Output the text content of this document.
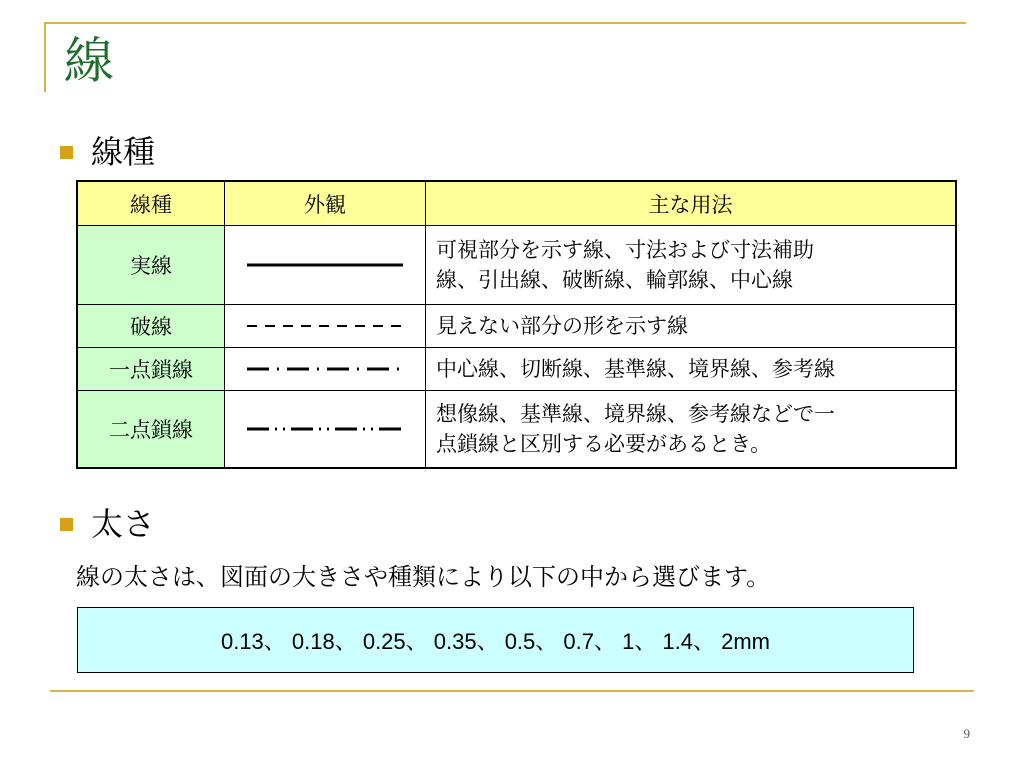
線
線種
線種	外観	主な用法
実線		可視部分を示す線、寸法および寸法補助
線、引出線、破断線、輪郭線、中心線

破線		見えない部分の形を示す線

一点鎖線		中心線、切断線、基準線、境界線、参考線

二点鎖線		想像線、基準線、境界線、参考線などで一
点鎖線と区別する必要があるとき。
太さ
線の太さは、図面の大きさや種類により以下の中から選びます。
0.13、 0.18、 0.25、 0.35、 0.5、 0.7、 1、 1.4、 2mm
9
